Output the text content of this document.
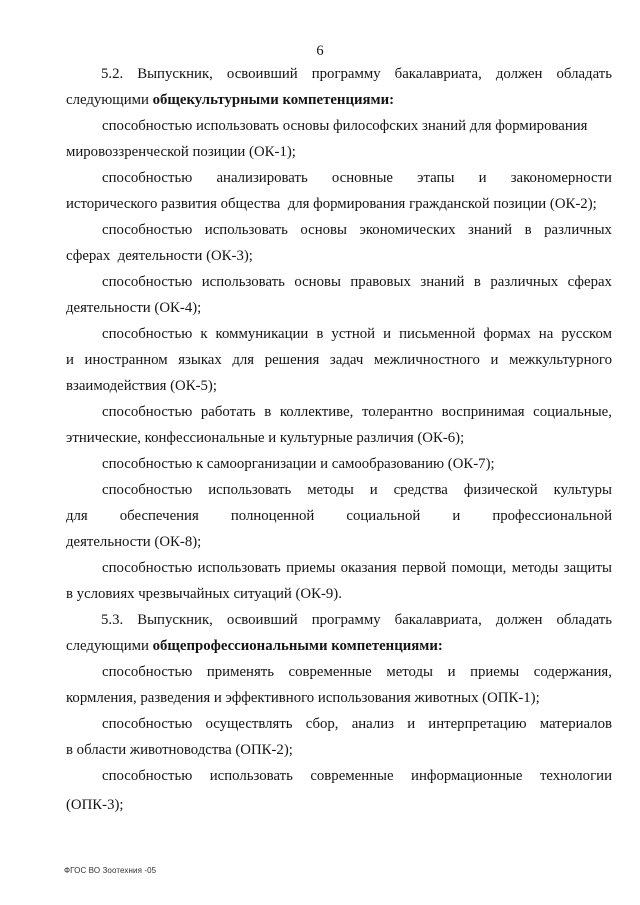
6
5.2. Выпускник, освоивший программу бакалавриата, должен обладать
следующими общекультурными компетенциями:
способностью использовать основы философских знаний для формирования
мировоззренческой позиции (ОК-1);
способностью анализировать основные этапы и закономерности
исторического развития общества  для формирования гражданской позиции (ОК-2);
способностью использовать основы экономических знаний в различных
сферах  деятельности (ОК-3);
способностью использовать основы правовых знаний в различных сферах
деятельности (ОК-4);
способностью к коммуникации в устной и письменной формах на русском
и иностранном языках для решения задач межличностного и межкультурного
взаимодействия (ОК-5);
способностью работать в коллективе, толерантно воспринимая социальные,
этнические, конфессиональные и культурные различия (ОК-6);
способностью к самоорганизации и самообразованию (ОК-7);
способностью использовать методы и средства физической культуры
для обеспечения полноценной социальной и профессиональной
деятельности (ОК-8);
способностью использовать приемы оказания первой помощи, методы защиты
в условиях чрезвычайных ситуаций (ОК-9).
5.3. Выпускник, освоивший программу бакалавриата, должен обладать
следующими общепрофессиональными компетенциями:
способностью применять современные методы и приемы содержания,
кормления, разведения и эффективного использования животных (ОПК-1);
способностью осуществлять сбор, анализ и интерпретацию материалов
в области животноводства (ОПК-2);
способностью использовать современные информационные технологии
(ОПК-3);
ФГОС ВО Зоотехния -05
